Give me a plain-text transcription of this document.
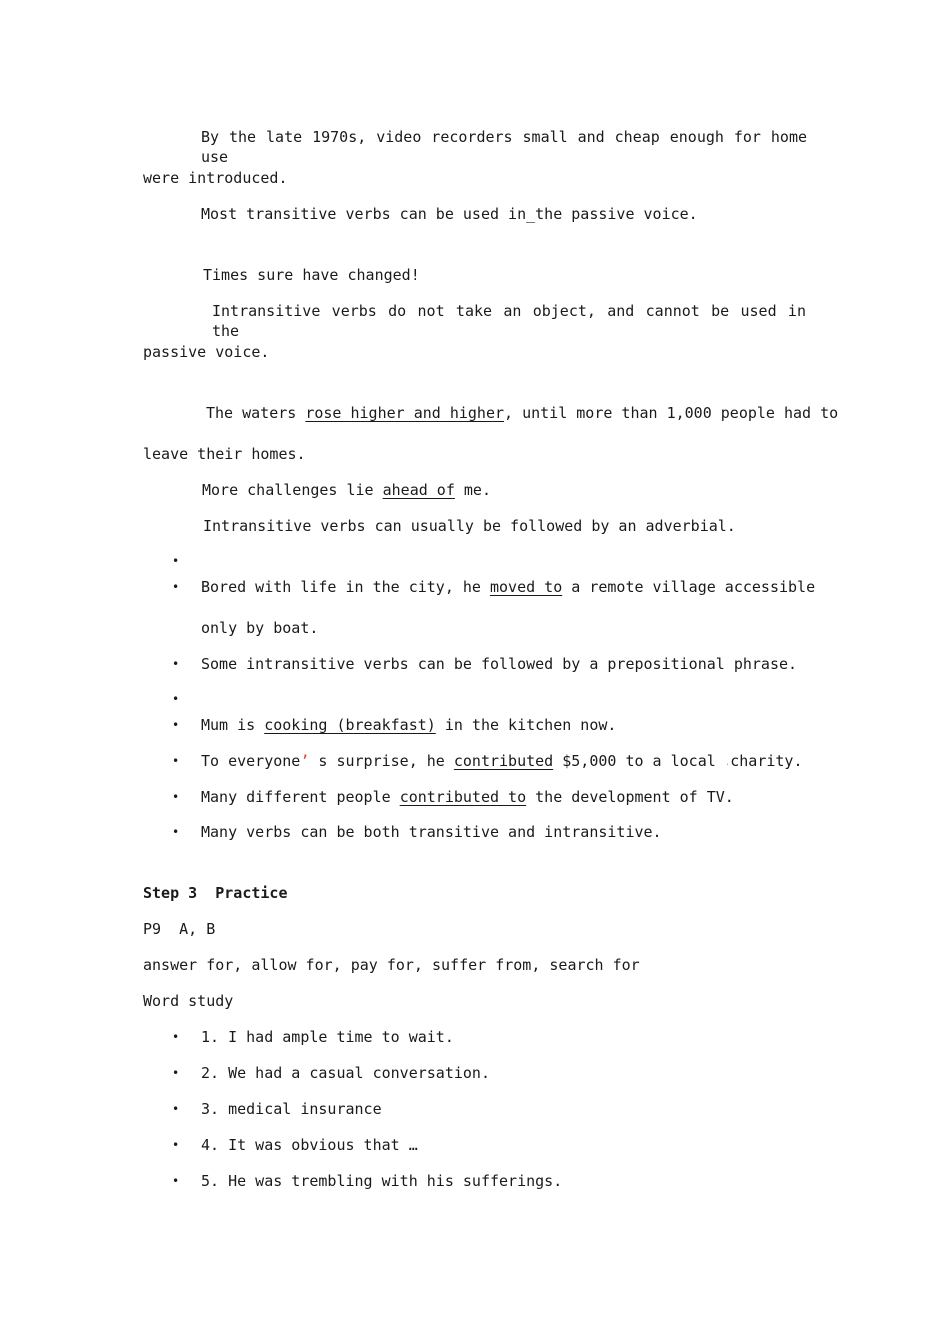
By the late 1970s, video recorders small and cheap enough for home use
were introduced.
Most transitive verbs can be used in_the passive voice.
Times sure have changed!
Intransitive verbs do not take an object, and cannot be used in the
passive voice.
The waters rose higher and higher, until more than 1,000 people had to
leave their homes.
More challenges lie ahead of me.
Intransitive verbs can usually be followed by an adverbial.
•
• Bored with life in the city, he moved to a remote village accessible
only by boat.
• Some intransitive verbs can be followed by a prepositional phrase.
•
• Mum is cooking (breakfast) in the kitchen now.
• To everyone’ s surprise, he contributed $5,000 to a local .charity.
• Many different people contributed to the development of TV.
• Many verbs can be both transitive and intransitive.
Step 3  Practice
P9  A, B
answer for, allow for, pay for, suffer from, search for
Word study
• 1. I had ample time to wait.
• 2. We had a casual conversation.
• 3. medical insurance
• 4. It was obvious that …
• 5. He was trembling with his sufferings.
